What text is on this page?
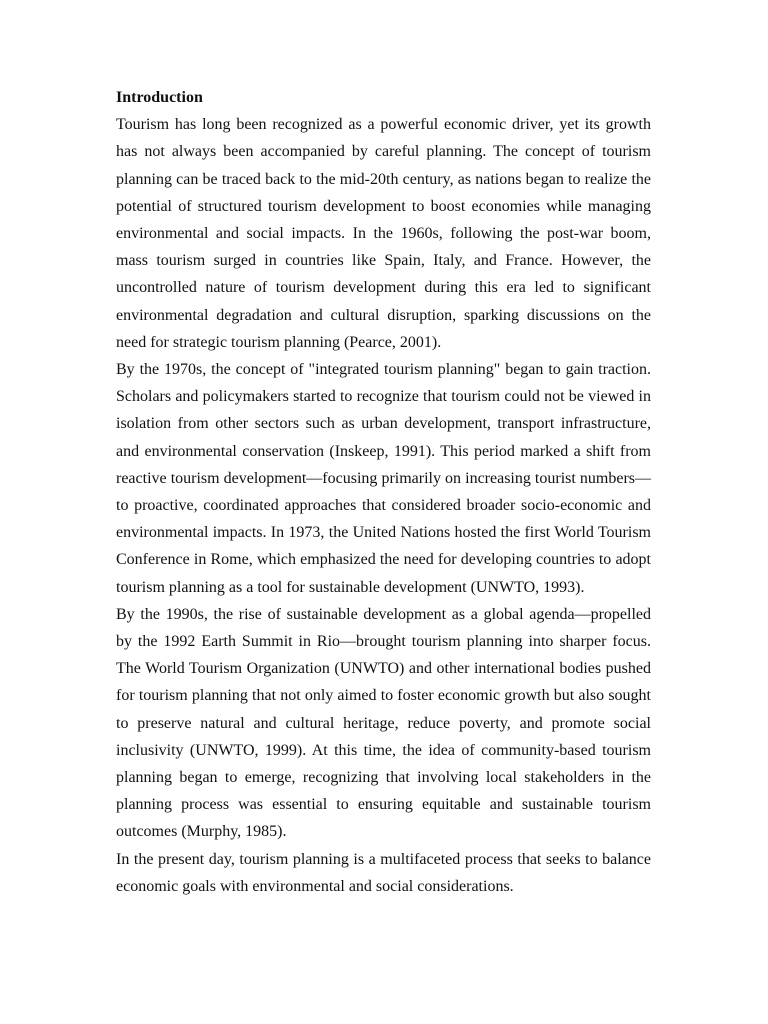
Introduction

Tourism has long been recognized as a powerful economic driver, yet its growth has not always been accompanied by careful planning. The concept of tourism planning can be traced back to the mid-20th century, as nations began to realize the potential of structured tourism development to boost economies while managing environmental and social impacts. In the 1960s, following the post-war boom, mass tourism surged in countries like Spain, Italy, and France. However, the uncontrolled nature of tourism development during this era led to significant environmental degradation and cultural disruption, sparking discussions on the need for strategic tourism planning (Pearce, 2001).

By the 1970s, the concept of "integrated tourism planning" began to gain traction. Scholars and policymakers started to recognize that tourism could not be viewed in isolation from other sectors such as urban development, transport infrastructure, and environmental conservation (Inskeep, 1991). This period marked a shift from reactive tourism development—focusing primarily on increasing tourist numbers—to proactive, coordinated approaches that considered broader socio-economic and environmental impacts. In 1973, the United Nations hosted the first World Tourism Conference in Rome, which emphasized the need for developing countries to adopt tourism planning as a tool for sustainable development (UNWTO, 1993).

By the 1990s, the rise of sustainable development as a global agenda—propelled by the 1992 Earth Summit in Rio—brought tourism planning into sharper focus. The World Tourism Organization (UNWTO) and other international bodies pushed for tourism planning that not only aimed to foster economic growth but also sought to preserve natural and cultural heritage, reduce poverty, and promote social inclusivity (UNWTO, 1999). At this time, the idea of community-based tourism planning began to emerge, recognizing that involving local stakeholders in the planning process was essential to ensuring equitable and sustainable tourism outcomes (Murphy, 1985).

In the present day, tourism planning is a multifaceted process that seeks to balance economic goals with environmental and social considerations.
